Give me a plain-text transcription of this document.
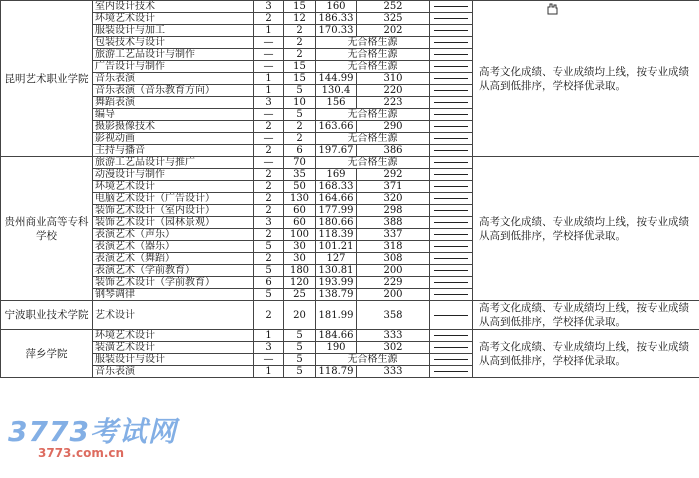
昆明艺术职业学院	室内设计技术	3	15	160	252		高考文化成绩、专业成绩均上线，按专业成绩从高到低排序，学校择优录取。
	环境艺术设计	2	12	186.33	325		

	服装设计与加工	1	2	170.33	202		

	包装技术与设计	—	2	无合格生源			

	旅游工艺品设计与制作	—	2	无合格生源			

	广告设计与制作	—	15	无合格生源			

	音乐表演	1	15	144.99	310		

	音乐表演（音乐教育方向）	1	5	130.4	220		

	舞蹈表演	3	10	156	223		

	编导	—	5	无合格生源			

	摄影摄像技术	2	2	163.66	290		

	影视动画	—	2	无合格生源			

	主持与播音	2	6	197.67	386		

贵州商业高等专科学校	旅游工艺品设计与推广	—	70	无合格生源			高考文化成绩、专业成绩均上线，按专业成绩从高到低排序，学校择优录取。
	动漫设计与制作	2	35	169	292		

	环境艺术设计	2	50	168.33	371		

	电脑艺术设计（广告设计）	2	130	164.66	320		

	装饰艺术设计（室内设计）	2	60	177.99	298		

	装饰艺术设计（园林景观）	3	60	180.66	388		

	表演艺术（声乐）	2	100	118.39	337		

	表演艺术（器乐）	5	30	101.21	318		

	表演艺术（舞蹈）	2	30	127	308		

	表演艺术（学前教育）	5	180	130.81	200		

	装饰艺术设计（学前教育）	6	120	193.99	229		

	钢琴调律	5	25	138.79	200		

宁波职业技术学院	艺术设计	2	20	181.99	358		高考文化成绩、专业成绩均上线，按专业成绩从高到低排序，学校择优录取。
萍乡学院	环境艺术设计	1	5	184.66	333		高考文化成绩、专业成绩均上线，按专业成绩从高到低排序，学校择优录取。
	装潢艺术设计	3	5	190	302		

	服装设计与设计	—	5	无合格生源			

	音乐表演	1	5	118.79	333		
3773考试网
3773.com.cn
